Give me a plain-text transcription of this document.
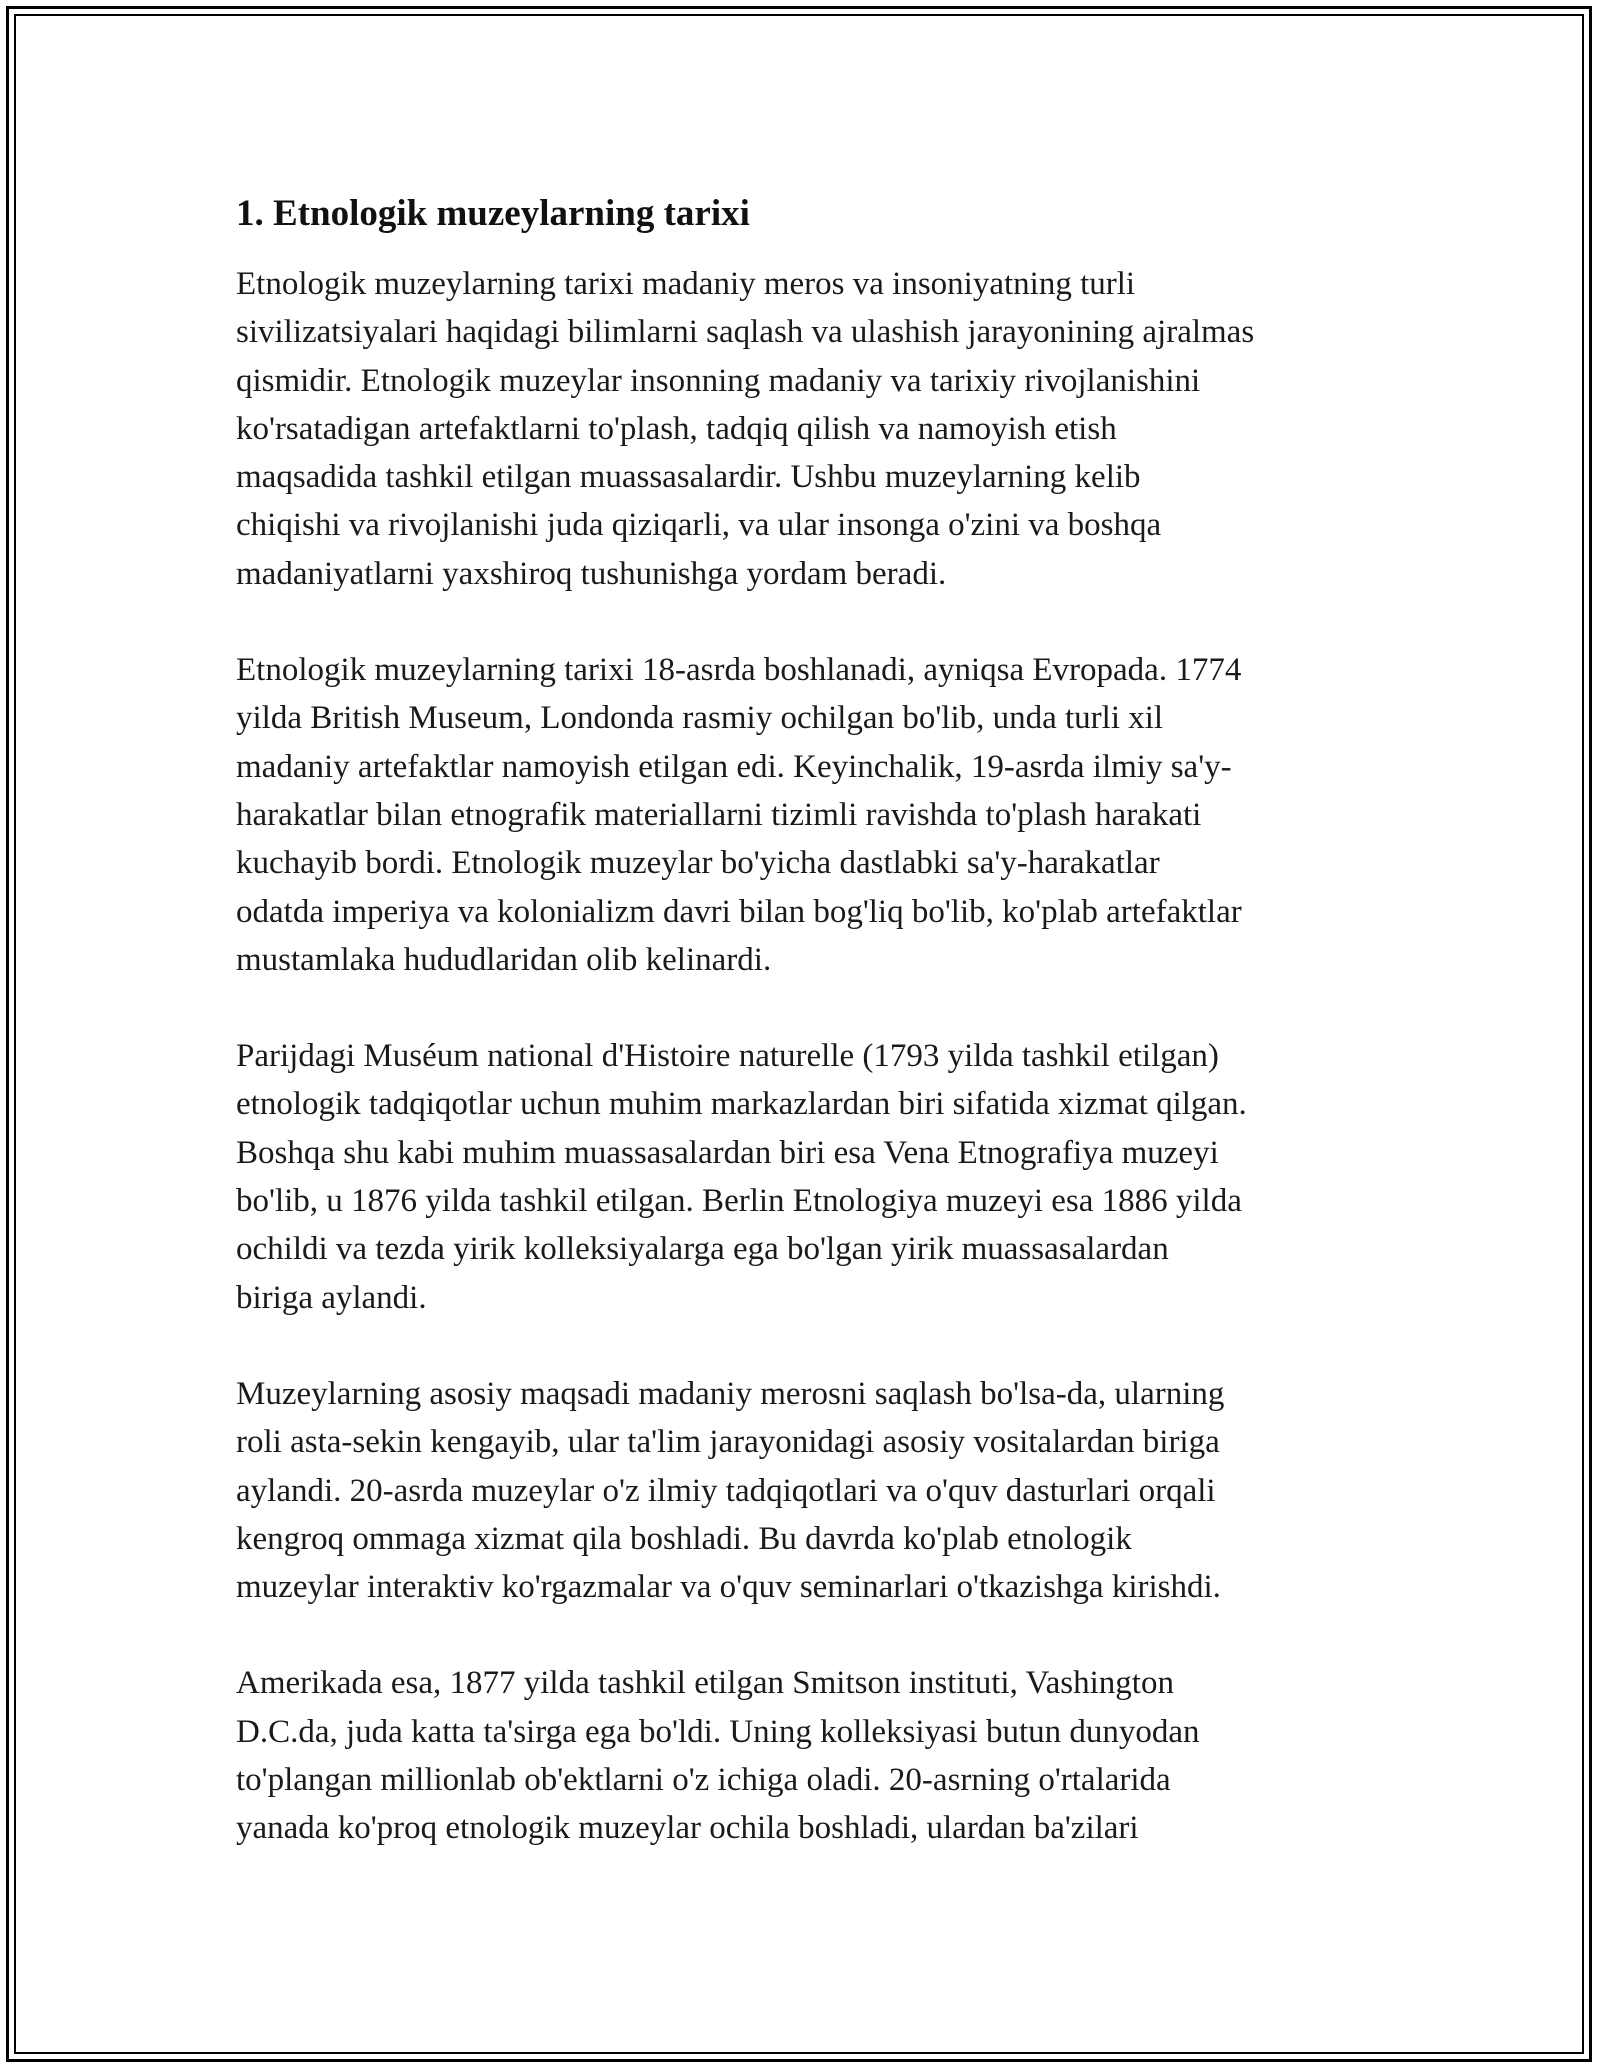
1. Etnologik muzeylarning tarixi

Etnologik muzeylarning tarixi madaniy meros va insoniyatning turli
sivilizatsiyalari haqidagi bilimlarni saqlash va ulashish jarayonining ajralmas
qismidir. Etnologik muzeylar insonning madaniy va tarixiy rivojlanishini
ko'rsatadigan artefaktlarni to'plash, tadqiq qilish va namoyish etish
maqsadida tashkil etilgan muassasalardir. Ushbu muzeylarning kelib
chiqishi va rivojlanishi juda qiziqarli, va ular insonga o'zini va boshqa
madaniyatlarni yaxshiroq tushunishga yordam beradi.

Etnologik muzeylarning tarixi 18-asrda boshlanadi, ayniqsa Evropada. 1774
yilda British Museum, Londonda rasmiy ochilgan bo'lib, unda turli xil
madaniy artefaktlar namoyish etilgan edi. Keyinchalik, 19-asrda ilmiy sa'y-
harakatlar bilan etnografik materiallarni tizimli ravishda to'plash harakati
kuchayib bordi. Etnologik muzeylar bo'yicha dastlabki sa'y-harakatlar
odatda imperiya va kolonializm davri bilan bog'liq bo'lib, ko'plab artefaktlar
mustamlaka hududlaridan olib kelinardi.

Parijdagi Muséum national d'Histoire naturelle (1793 yilda tashkil etilgan)
etnologik tadqiqotlar uchun muhim markazlardan biri sifatida xizmat qilgan.
Boshqa shu kabi muhim muassasalardan biri esa Vena Etnografiya muzeyi
bo'lib, u 1876 yilda tashkil etilgan. Berlin Etnologiya muzeyi esa 1886 yilda
ochildi va tezda yirik kolleksiyalarga ega bo'lgan yirik muassasalardan
biriga aylandi.

Muzeylarning asosiy maqsadi madaniy merosni saqlash bo'lsa-da, ularning
roli asta-sekin kengayib, ular ta'lim jarayonidagi asosiy vositalardan biriga
aylandi. 20-asrda muzeylar o'z ilmiy tadqiqotlari va o'quv dasturlari orqali
kengroq ommaga xizmat qila boshladi. Bu davrda ko'plab etnologik
muzeylar interaktiv ko'rgazmalar va o'quv seminarlari o'tkazishga kirishdi.

Amerikada esa, 1877 yilda tashkil etilgan Smitson instituti, Vashington
D.C.da, juda katta ta'sirga ega bo'ldi. Uning kolleksiyasi butun dunyodan
to'plangan millionlab ob'ektlarni o'z ichiga oladi. 20-asrning o'rtalarida
yanada ko'proq etnologik muzeylar ochila boshladi, ulardan ba'zilari
